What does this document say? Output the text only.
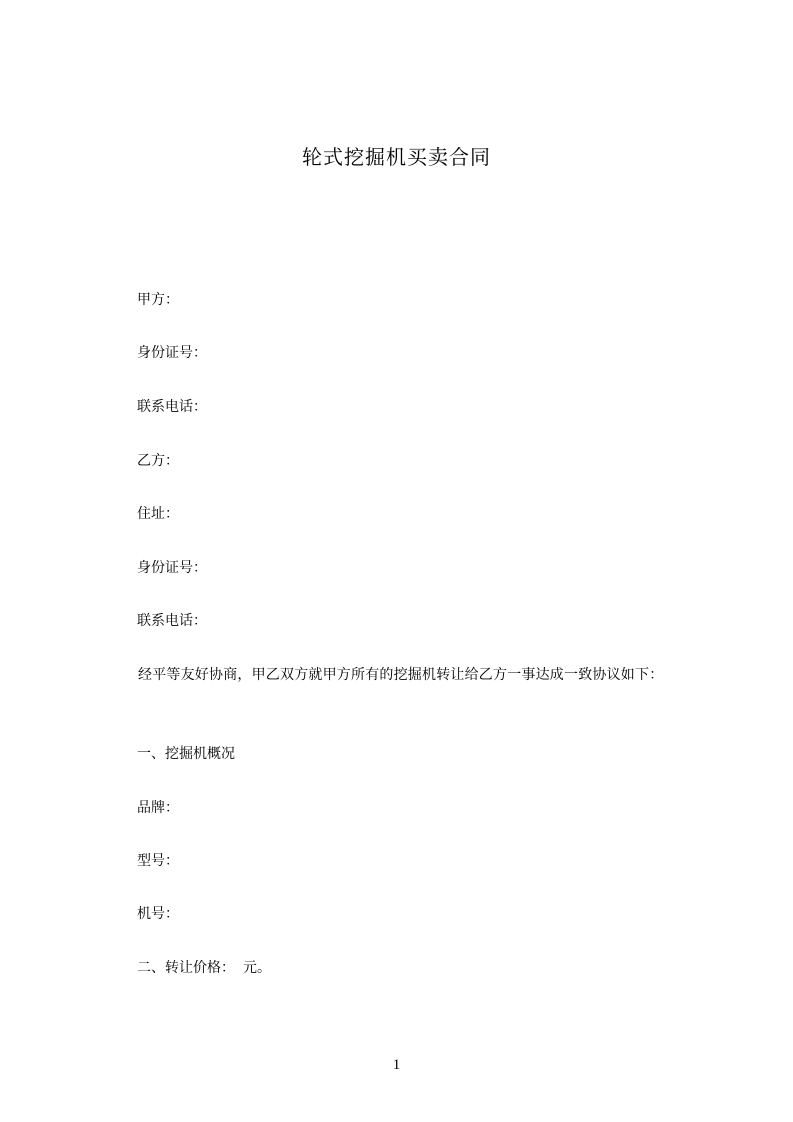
轮式挖掘机买卖合同
甲方：
身份证号：
联系电话：
乙方：
住址：
身份证号：
联系电话：
经平等友好协商，甲乙双方就甲方所有的挖掘机转让给乙方一事达成一致协议如下：
一、挖掘机概况
品牌：
型号：
机号：
二、转让价格： 元。
1
